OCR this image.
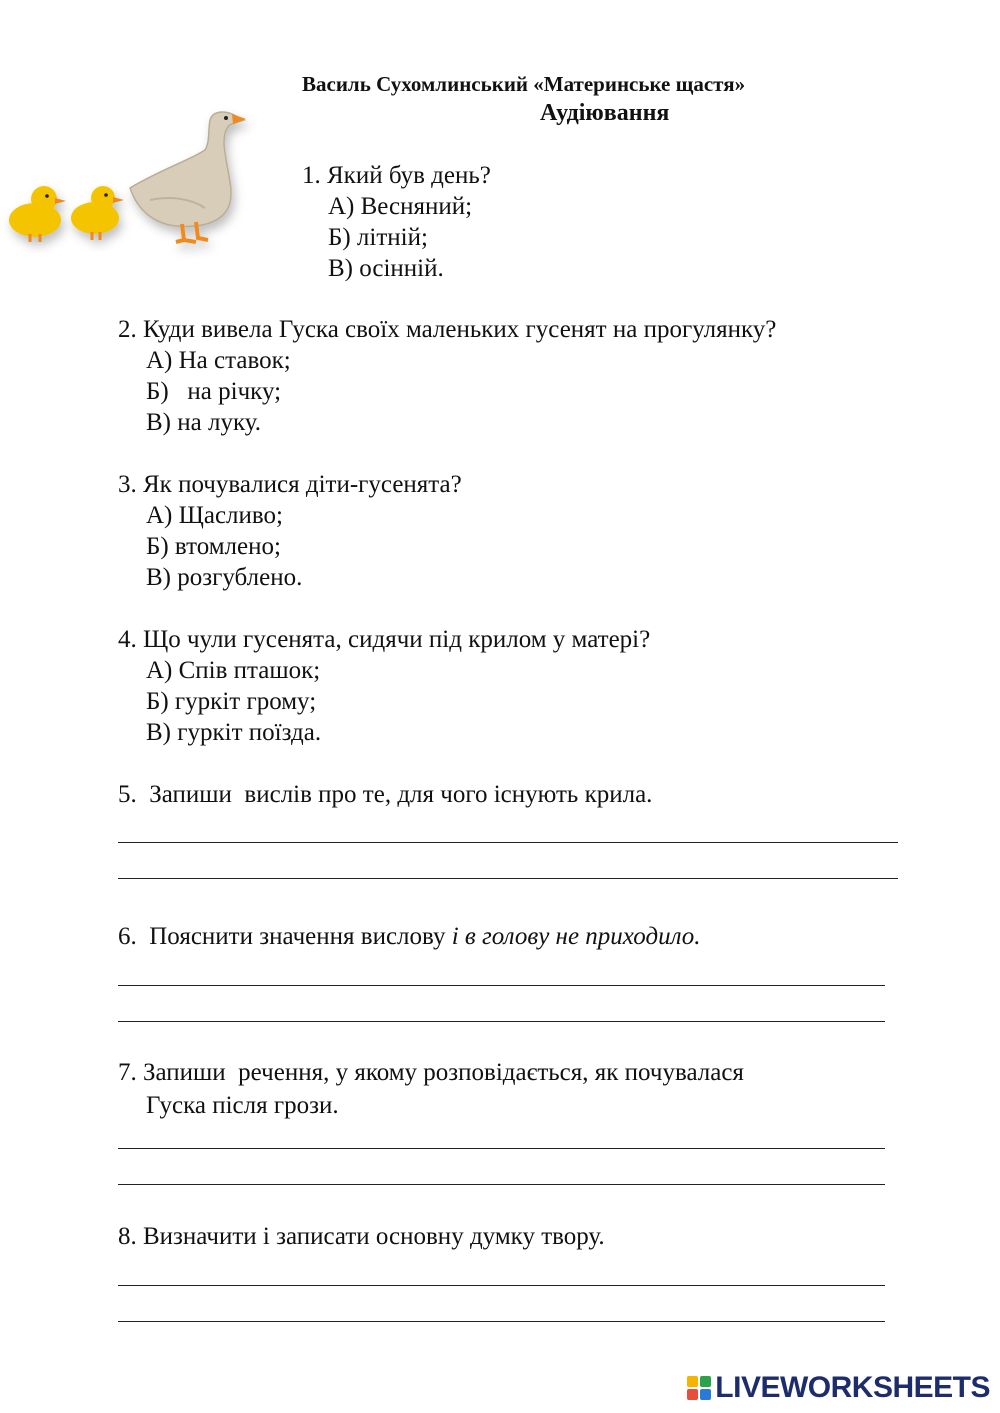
Василь Сухомлинський «Материнське щастя»
Аудіювання
1. Який був день?
А) Весняний;
Б) літній;
В) осінній.
2. Куди вивела Гуска своїх маленьких гусенят на прогулянку?
А) На ставок;
Б)   на річку;
В) на луку.
3. Як почувалися діти-гусенята?
А) Щасливо;
Б) втомлено;
В) розгублено.
4. Що чули гусенята, сидячи під крилом у матері?
А) Спів пташок;
Б) гуркіт грому;
В) гуркіт поїзда.
5.  Запиши  вислів про те, для чого існують крила.
6.  Пояснити значення вислову і в голову не приходило.
7. Запиши  речення, у якому розповідається, як почувалася
Гуска після грози.
8. Визначити і записати основну думку твору.
LIVEWORKSHEETS
